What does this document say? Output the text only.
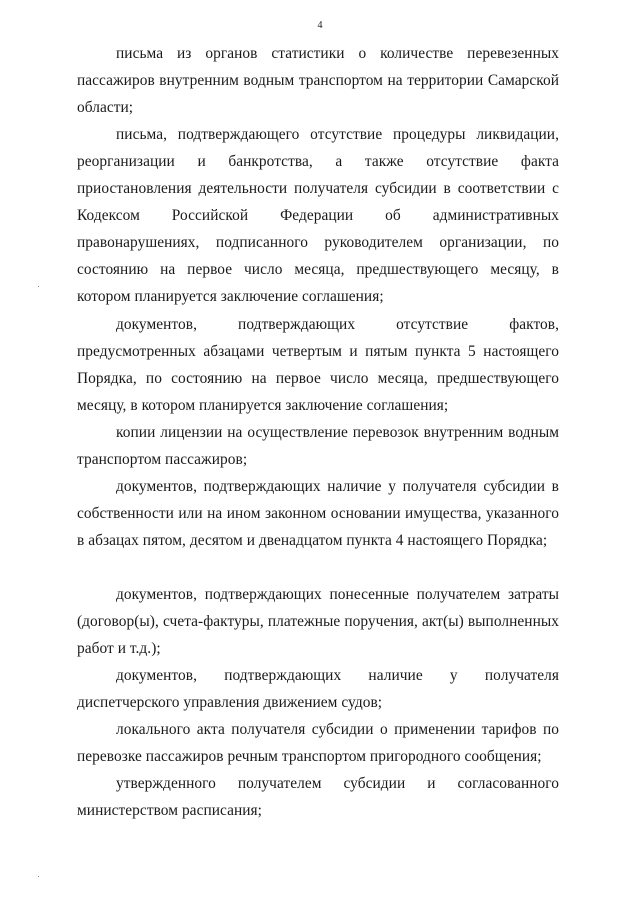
4

письма из органов статистики о количестве перевезенных пассажиров внутренним водным транспортом на территории Самарской области;

письма, подтверждающего отсутствие процедуры ликвидации, реорганизации и банкротства, а также отсутствие факта приостановления деятельности получателя субсидии в соответствии с Кодексом Российской Федерации об административных правонарушениях, подписанного руководителем организации, по состоянию на первое число месяца, предшествующего месяцу, в котором планируется заключение соглашения;

документов, подтверждающих отсутствие фактов, предусмотренных абзацами четвертым и пятым пункта 5 настоящего Порядка, по состоянию на первое число месяца, предшествующего месяцу, в котором планируется заключение соглашения;

копии лицензии на осуществление перевозок внутренним водным транспортом пассажиров;

документов, подтверждающих наличие у получателя субсидии в собственности или на ином законном основании имущества, указанного в абзацах пятом, десятом и двенадцатом пункта 4 настоящего Порядка;

документов, подтверждающих понесенные получателем затраты (договор(ы), счета-фактуры, платежные поручения, акт(ы) выполненных работ и т.д.);

документов, подтверждающих наличие у получателя диспетчерского управления движением судов;

локального акта получателя субсидии о применении тарифов по перевозке пассажиров речным транспортом пригородного сообщения;

утвержденного получателем субсидии и согласованного министерством расписания;
